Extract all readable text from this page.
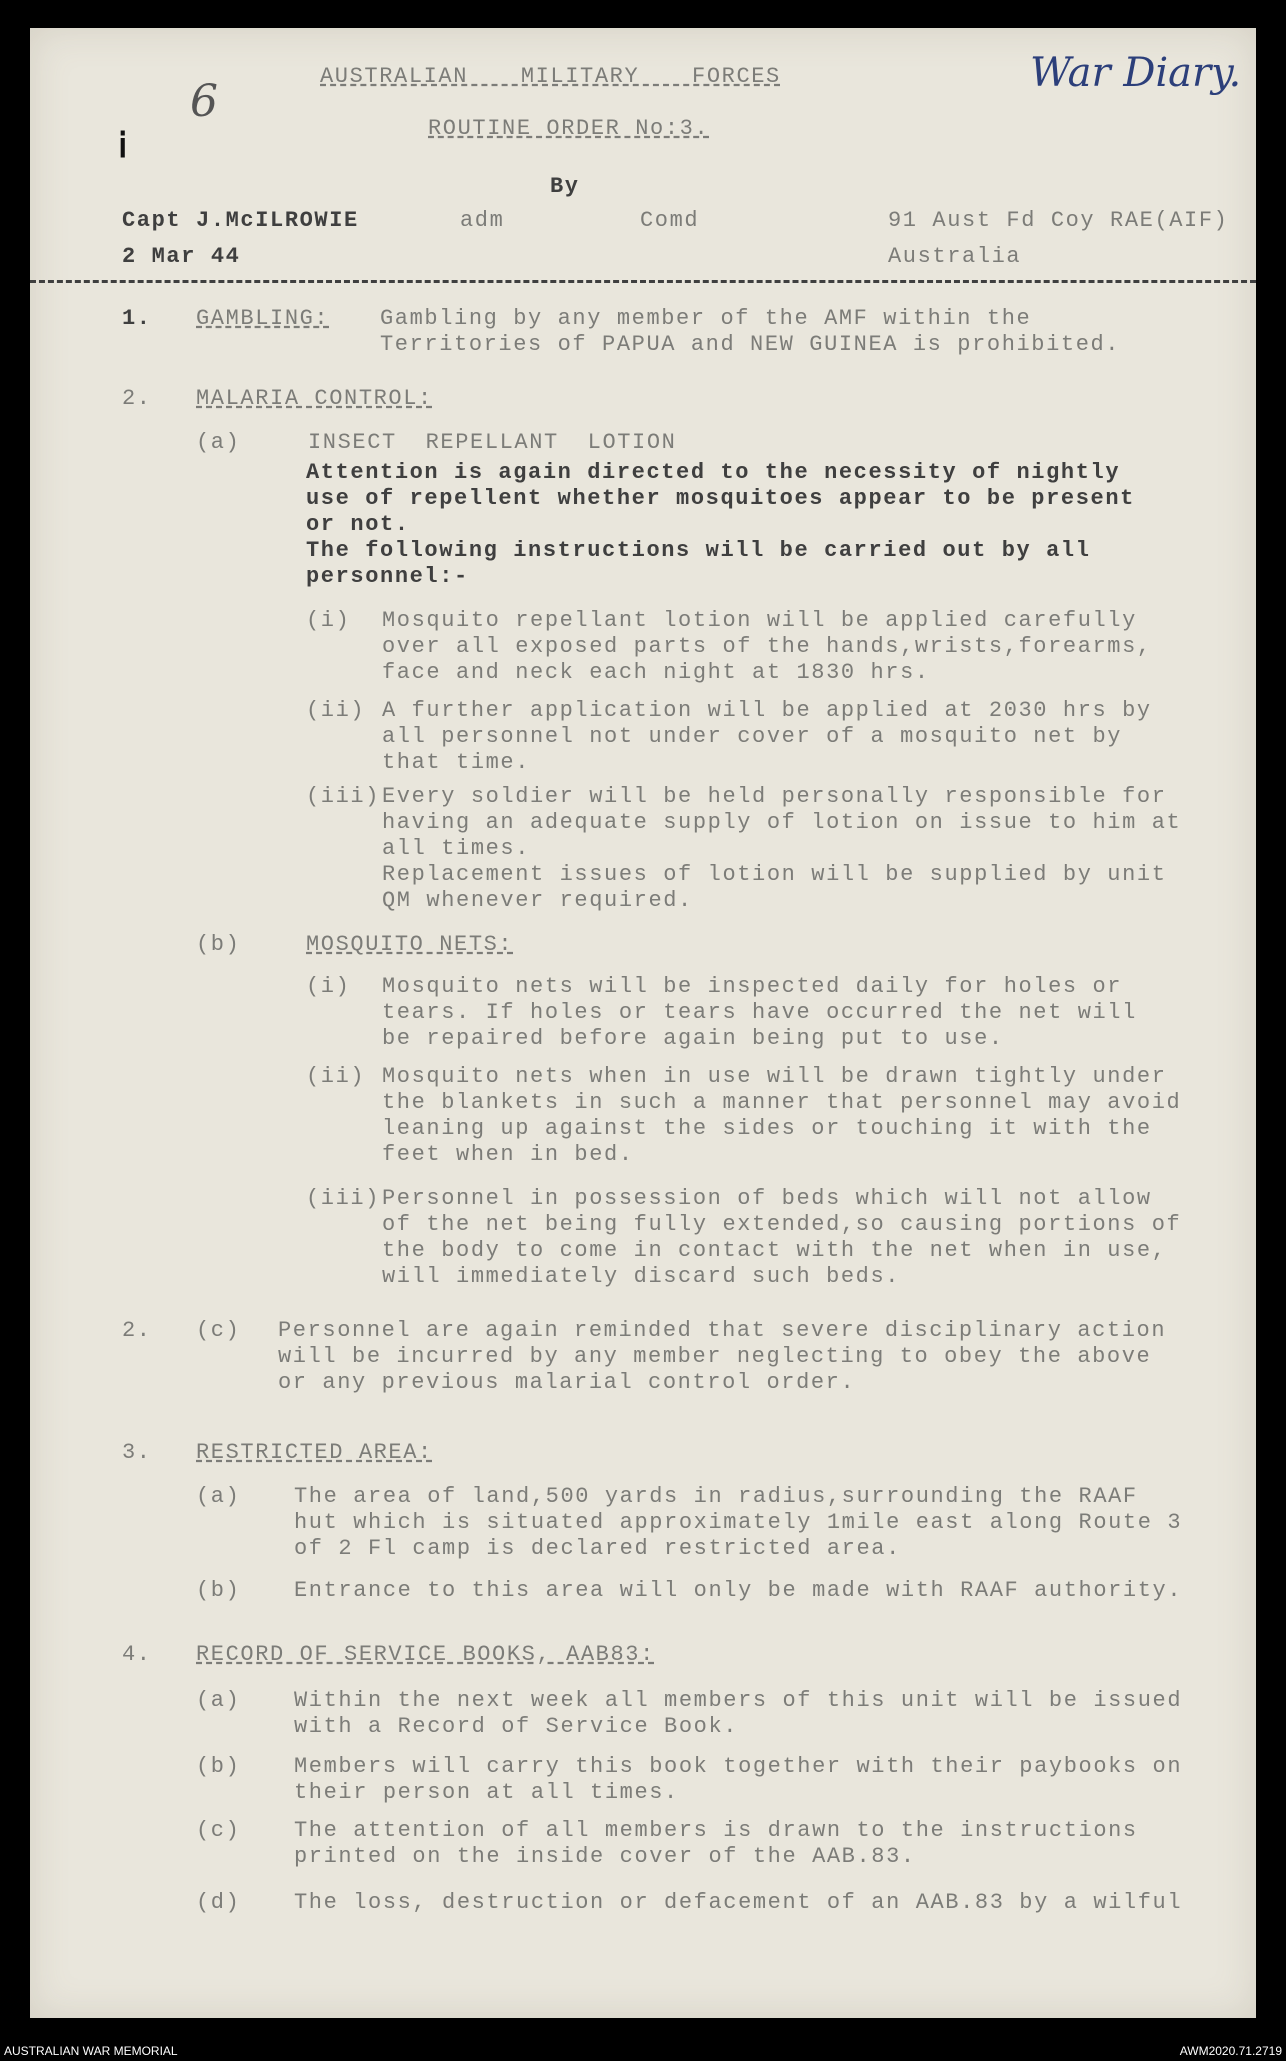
War Diary.
6
ⅰ
AUSTRALIAN MILITARY FORCES
ROUTINE ORDER No:3.
By
Capt J.McILROWIE	adm	Comd	91 Aust Fd Coy RAE(AIF)
2 Mar 44	Australia
1. GAMBLING: Gambling by any member of the AMF within the
Territories of PAPUA and NEW GUINEA is prohibited.
2. MALARIA CONTROL:
(a)	INSECT REPELLANT LOTION
Attention is again directed to the necessity of nightly
use of repellent whether mosquitoes appear to be present
or not.
The following instructions will be carried out by all
personnel:-
(i) Mosquito repellant lotion will be applied carefully
over all exposed parts of the hands,wrists,forearms,
face and neck each night at 1830 hrs.
(ii) A further application will be applied at 2030 hrs by
all personnel not under cover of a mosquito net by
that time.
(iii) Every soldier will be held personally responsible for
having an adequate supply of lotion on issue to him at
all times.
Replacement issues of lotion will be supplied by unit
QM whenever required.
(b)	MOSQUITO NETS:
(i) Mosquito nets will be inspected daily for holes or
tears. If holes or tears have occurred the net will
be repaired before again being put to use.
(ii) Mosquito nets when in use will be drawn tightly under
the blankets in such a manner that personnel may avoid
leaning up against the sides or touching it with the
feet when in bed.
(iii) Personnel in possession of beds which will not allow
of the net being fully extended,so causing portions of
the body to come in contact with the net when in use,
will immediately discard such beds.
2. (c) Personnel are again reminded that severe disciplinary action
will be incurred by any member neglecting to obey the above
or any previous malarial control order.
3. RESTRICTED AREA:
(a) The area of land,500 yards in radius,surrounding the RAAF
hut which is situated approximately 1mile east along Route 3
of 2 Fl camp is declared restricted area.
(b) Entrance to this area will only be made with RAAF authority.
4. RECORD OF SERVICE BOOKS, AAB83:
(a) Within the next week all members of this unit will be issued
with a Record of Service Book.
(b) Members will carry this book together with their paybooks on
their person at all times.
(c) The attention of all members is drawn to the instructions
printed on the inside cover of the AAB.83.
(d) The loss, destruction or defacement of an AAB.83 by a wilful
AUSTRALIAN WAR MEMORIAL	AWM2020.71.2719
